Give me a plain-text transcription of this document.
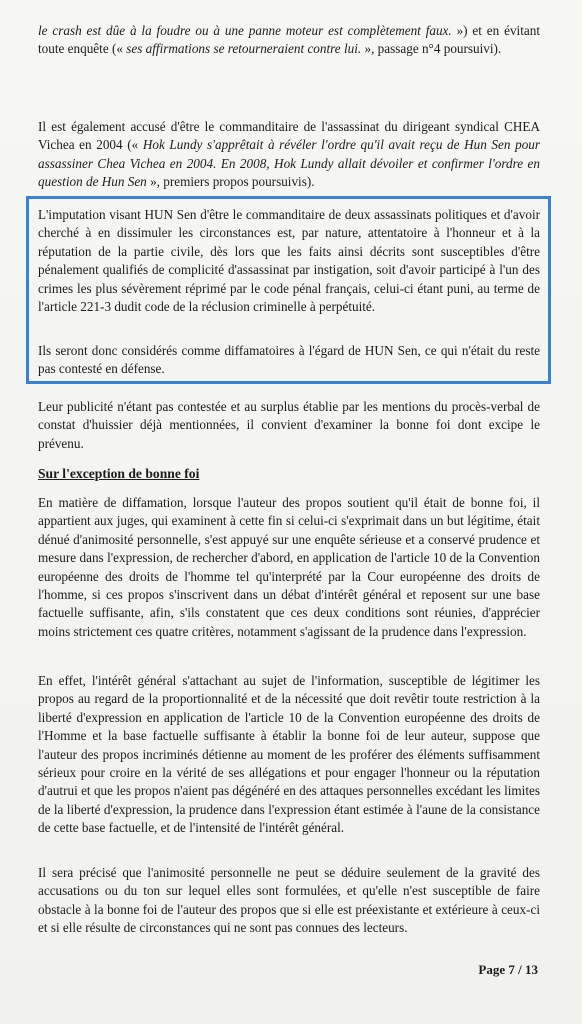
le crash est dûe à la foudre ou à une panne moteur est complètement faux. ») et en évitant toute enquête (« ses affirmations se retourneraient contre lui. », passage n°4 poursuivi).

Il est également accusé d'être le commanditaire de l'assassinat du dirigeant syndical CHEA Vichea en 2004 (« Hok Lundy s'apprêtait à révéler l'ordre qu'il avait reçu de Hun Sen pour assassiner Chea Vichea en 2004. En 2008, Hok Lundy allait dévoiler et confirmer l'ordre en question de Hun Sen », premiers propos poursuivis).

L'imputation visant HUN Sen d'être le commanditaire de deux assassinats politiques et d'avoir cherché à en dissimuler les circonstances est, par nature, attentatoire à l'honneur et à la réputation de la partie civile, dès lors que les faits ainsi décrits sont susceptibles d'être pénalement qualifiés de complicité d'assassinat par instigation, soit d'avoir participé à l'un des crimes les plus sévèrement réprimé par le code pénal français, celui-ci étant puni, au terme de l'article 221-3 dudit code de la réclusion criminelle à perpétuité.

Ils seront donc considérés comme diffamatoires à l'égard de HUN Sen, ce qui n'était du reste pas contesté en défense.

Leur publicité n'étant pas contestée et au surplus établie par les mentions du procès-verbal de constat d'huissier déjà mentionnées, il convient d'examiner la bonne foi dont excipe le prévenu.

Sur l'exception de bonne foi

En matière de diffamation, lorsque l'auteur des propos soutient qu'il était de bonne foi, il appartient aux juges, qui examinent à cette fin si celui-ci s'exprimait dans un but légitime, était dénué d'animosité personnelle, s'est appuyé sur une enquête sérieuse et a conservé prudence et mesure dans l'expression, de rechercher d'abord, en application de l'article 10 de la Convention européenne des droits de l'homme tel qu'interprété par la Cour européenne des droits de l'homme, si ces propos s'inscrivent dans un débat d'intérêt général et reposent sur une base factuelle suffisante, afin, s'ils constatent que ces deux conditions sont réunies, d'apprécier moins strictement ces quatre critères, notamment s'agissant de la prudence dans l'expression.

En effet, l'intérêt général s'attachant au sujet de l'information, susceptible de légitimer les propos au regard de la proportionnalité et de la nécessité que doit revêtir toute restriction à la liberté d'expression en application de l'article 10 de la Convention européenne des droits de l'Homme et la base factuelle suffisante à établir la bonne foi de leur auteur, suppose que l'auteur des propos incriminés détienne au moment de les proférer des éléments suffisamment sérieux pour croire en la vérité de ses allégations et pour engager l'honneur ou la réputation d'autrui et que les propos n'aient pas dégénéré en des attaques personnelles excédant les limites de la liberté d'expression, la prudence dans l'expression étant estimée à l'aune de la consistance de cette base factuelle, et de l'intensité de l'intérêt général.

Il sera précisé que l'animosité personnelle ne peut se déduire seulement de la gravité des accusations ou du ton sur lequel elles sont formulées, et qu'elle n'est susceptible de faire obstacle à la bonne foi de l'auteur des propos que si elle est préexistante et extérieure à ceux-ci et si elle résulte de circonstances qui ne sont pas connues des lecteurs.

Page 7 / 13
